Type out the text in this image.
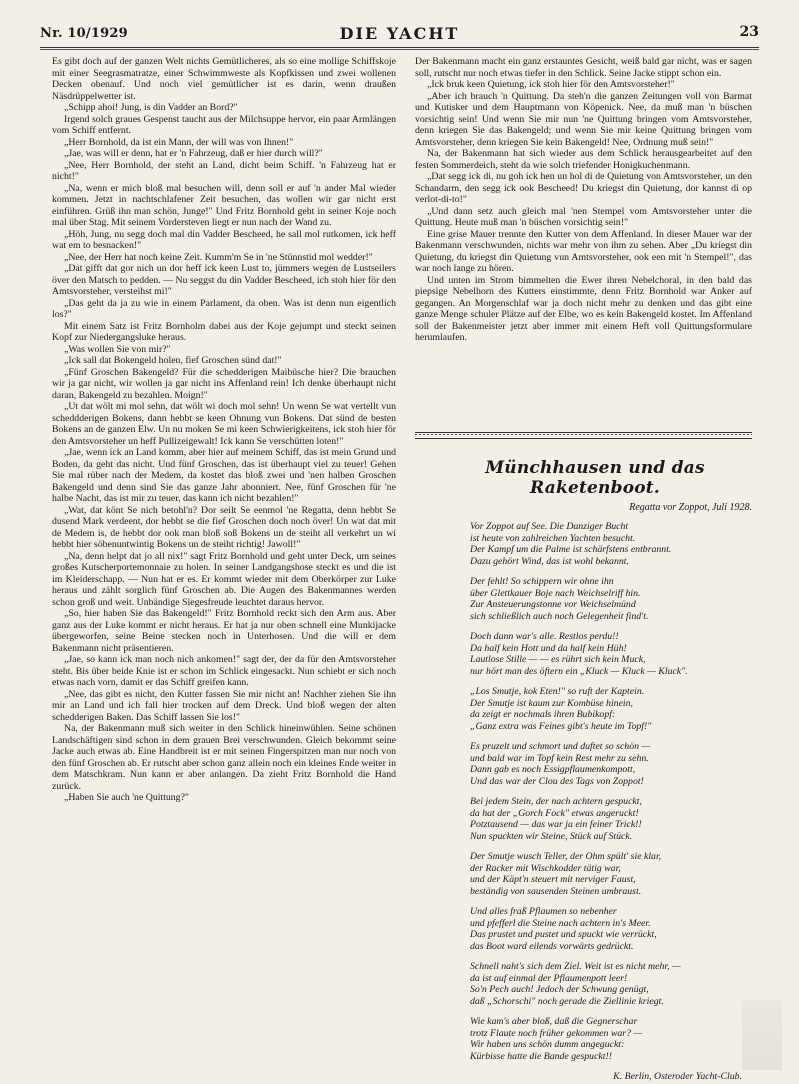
Nr. 10/1929	DIE YACHT	23

Es gibt doch auf der ganzen Welt nichts Gemütlicheres, als so eine mollige Schiffskoje mit einer Seegrasmatratze, einer Schwimmweste als Kopfkissen und zwei wollenen Decken obenauf. Und noch viel gemütlicher ist es darin, wenn draußen Näsdrüppelwetter ist.

„Schipp ahoi! Jung, is din Vadder an Bord?"

Irgend solch graues Gespenst taucht aus der Milchsuppe hervor, ein paar Armlängen vom Schiff entfernt.

„Herr Bornhold, da ist ein Mann, der will was von Ihnen!"

„Jae, was will er denn, hat er 'n Fahrzeug, daß er hier durch will?"

„Nee, Herr Bornhold, der steht an Land, dicht beim Schiff. 'n Fahrzeug hat er nicht!"

„Na, wenn er mich bloß mal besuchen will, denn soll er auf 'n ander Mal wieder kommen. Jetzt in nachtschlafener Zeit besuchen, das wollen wir gar nicht erst einführen. Grüß ihn man schön, Junge!" Und Fritz Bornhold geht in seiner Koje noch mal über Stag. Mit seinem Vordersteven liegt er nun nach der Wand zu.

„Höh, Jung, nu segg doch mal din Vadder Bescheed, he sall mol rutkomen, ick heff wat em to besnacken!"

„Nee, der Herr hat noch keine Zeit. Kumm'm Se in 'ne Stünnstid mol wedder!"

„Dat gifft dat gor nich un dor heff ick keen Lust to, jümmers wegen de Lustseilers över den Matsch to pedden. — Nu seggst du din Vadder Bescheed, ich stoh hier för den Amtsvorsteher, versteihst mi!"

„Das geht da ja zu wie in einem Parlament, da oben. Was ist denn nun eigentlich los?"

Mit einem Satz ist Fritz Bornholm dabei aus der Koje gejumpt und steckt seinen Kopf zur Niedergangsluke heraus.

„Was wollen Sie von mir?"

„Ick sall dat Bokengeld holen, fief Groschen sünd dat!"

„Fünf Groschen Bakengeld? Für die schedderigen Maibüsche hier? Die brauchen wir ja gar nicht, wir wollen ja gar nicht ins Affenland rein! Ich denke überhaupt nicht daran, Bakengeld zu bezahlen. Moign!"

„Ut dat wölt mi mol sehn, dat wölt wi doch mol sehn! Un wenn Se wat vertellt vun scheddderigen Bokens, dann hebbt se keen Ohnung vun Bokens. Dat sünd de besten Bokens an de ganzen Elw. Un nu moken Se mi keen Schwierigkeitens, ick stoh hier för den Amtsvorsteher un heff Pullizeigewalt! Ick kann Se verschütten loten!"

„Jae, wenn ick an Land komm, aber hier auf meinem Schiff, das ist mein Grund und Boden, da geht das nicht. Und fünf Groschen, das ist überhaupt viel zu teuer! Gehen Sie mal rüber nach der Medem, da kostet das bloß zwei und 'nen halben Groschen Bakengeld und denn sind Sie das ganze Jahr abonniert. Nee, fünf Groschen für 'ne halbe Nacht, das ist mir zu teuer, das kann ich nicht bezahlen!"

„Wat, dat könt Se nich betohl'n? Dor seilt Se eenmol 'ne Regatta, denn hebbt Se dusend Mark verdeent, dor hebbt se die fief Groschen doch noch över! Un wat dat mit de Medem is, de hebbt dor ook man bloß soß Bokens un de steiht all verkehrt un wi hebbt hier söbenuntwintig Bokens un de steiht richtig! Jawoll!"

„Na, denn helpt dat jo all nix!" sagt Fritz Bornhold und geht unter Deck, um seines großes Kutscherportemonnaie zu holen. In seiner Landgangshose steckt es und die ist im Kleiderschapp. — Nun hat er es. Er kommt wieder mit dem Oberkörper zur Luke heraus und zählt sorglich fünf Groschen ab. Die Augen des Bakenmannes werden schon groß und weit. Unbändige Siegesfreude leuchtet daraus hervor.

„So, hier haben Sie das Bakengeld!" Fritz Bornhold reckt sich den Arm aus. Aber ganz aus der Luke kommt er nicht heraus. Er hat ja nur oben schnell eine Munkijacke übergeworfen, seine Beine stecken noch in Unterhosen. Und die will er dem Bakenmann nicht präsentieren.

„Jae, so kann ick man noch nich ankomen!" sagt der, der da für den Amtsvorsteher steht. Bis über beide Knie ist er schon im Schlick eingesackt. Nun schiebt er sich noch etwas nach vorn, damit er das Schiff greifen kann.

„Nee, das gibt es nicht, den Kutter fassen Sie mir nicht an! Nachher ziehen Sie ihn mir an Land und ich fall hier trocken auf dem Dreck. Und bloß wegen der alten schedderigen Baken. Das Schiff lassen Sie los!"

Na, der Bakenmann muß sich weiter in den Schlick hineinwühlen. Seine schönen Landschäftigen sind schon in dem grauen Brei verschwunden. Gleich bekommt seine Jacke auch etwas ab. Eine Handbreit ist er mit seinen Fingerspitzen man nur noch von den fünf Groschen ab. Er rutscht aber schon ganz allein noch ein kleines Ende weiter in dem Matschkram. Nun kann er aber anlangen. Da zieht Fritz Bornhold die Hand zurück.

„Haben Sie auch 'ne Quittung?"

Der Bakenmann macht ein ganz erstauntes Gesicht, weiß bald gar nicht, was er sagen soll, rutscht nur noch etwas tiefer in den Schlick. Seine Jacke stippt schon ein.

„Ick bruk keen Quietung, ick stoh hier för den Amtsvorsteher!"

„Aber ich brauch 'n Quittung. Da steh'n die ganzen Zeitungen voll von Barmat und Kutisker und dem Hauptmann von Köpenick. Nee, da muß man 'n büschen vorsichtig sein! Und wenn Sie mir nun 'ne Quittung bringen vom Amtsvorsteher, denn kriegen Sie das Bakengeld; und wenn Sie mir keine Quittung bringen vom Amtsvorsteher, denn kriegen Sie kein Bakengeld! Nee, Ordnung muß sein!"

Na, der Bakenmann hat sich wieder aus dem Schlick herausgearbeitet auf den festen Sommerdeich, steht da wie solch triefender Honigkuchenmann.

„Dat segg ick di, nu goh ick hen un hol di de Quietung von Amtsvorsteher, un den Schandarm, den segg ick ook Bescheed! Du kriegst din Quietung, dor kannst di op verlot-di-to!"

„Und dann setz auch gleich mal 'nen Stempel vom Amtsvorsteher unter die Quittung. Heute muß man 'n büschen vorsichtig sein!"

Eine grise Mauer trennte den Kutter von dem Affenland. In dieser Mauer war der Bakenmann verschwunden, nichts war mehr von ihm zu sehen. Aber „Du kriegst din Quietung, du kriegst din Quietung vun Amtsvorsteher, ook een mit 'n Stempel!", das war noch lange zu hören.

Und unten im Strom bimmelten die Ewer ihren Nebelchoral, in den bald das piepsige Nebelhorn des Kutters einstimmte, denn Fritz Bornhold war Anker auf gegangen. An Morgenschlaf war ja doch nicht mehr zu denken und das gibt eine ganze Menge schuler Plätze auf der Elbe, wo es kein Bakengeld kostet. Im Affenland soll der Bakenmeister jetzt aber immer mit einem Heft voll Quittungsformulare herumlaufen.

Münchhausen und das Raketenboot.
Regatta vor Zoppot, Juli 1928.
Vor Zoppot auf See. Die Danziger Bucht
ist heute von zahlreichen Yachten besucht.
Der Kampf um die Palme ist schärfstens entbrannt.
Dazu gehört Wind, das ist wohl bekannt.
Der fehlt! So schippern wir ohne ihn
über Glettkauer Boje nach Weichselriff hin.
Zur Ansteuerungstonne vor Weichselmünd
sich schließlich auch noch Gelegenheit find't.
Doch dann war's alle. Restlos perdu!!
Da half kein Hott und da half kein Hüh!
Lautlose Stille — — es rührt sich kein Muck,
nur hört man des öftern ein „Kluck — Kluck — Kluck".
„Los Smutje, kok Eten!" so ruft der Kaptein.
Der Smutje ist kaum zur Kombüse hinein,
da zeigt er nochmals ihren Bubikopf:
„Ganz extra was Feines gibt's heute im Topf!"
Es pruzelt und schmort und duftet so schön —
und bald war im Topf kein Rest mehr zu sehn.
Dann gab es noch Essigpflaumenkompott,
Und das war der Clou des Tags von Zoppot!
Bei jedem Stein, der nach achtern gespuckt,
da hat der „Gorch Fock" etwas angeruckt!
Potztausend — das war ja ein feiner Trick!!
Nun spuckten wir Steine, Stück auf Stück.
Der Smutje wusch Teller, der Ohm spült' sie klar,
der Racker mit Wischkodder tätig war,
und der Käpt'n steuert mit nerviger Faust,
beständig von sausenden Steinen umbraust.
Und alles fraß Pflaumen so nebenher
und pfefferl die Steine nach achtern in's Meer.
Das prustet und pustet und spuckt wie verrückt,
das Boot ward eilends vorwärts gedrückt.
Schnell naht's sich dem Ziel. Weit ist es nicht mehr, —
da ist auf einmal der Pflaumenpott leer!
So'n Pech auch! Jedoch der Schwung genügt,
daß „Schorschi" noch gerade die Ziellinie kriegt.
Wie kam's aber bloß, daß die Gegnerschar
trotz Flaute noch früher gekommen war? —
Wir haben uns schön dumm angeguckt:
Kürbisse hatte die Bande gespuckt!!
K. Berlin, Osteroder Yacht-Club.
